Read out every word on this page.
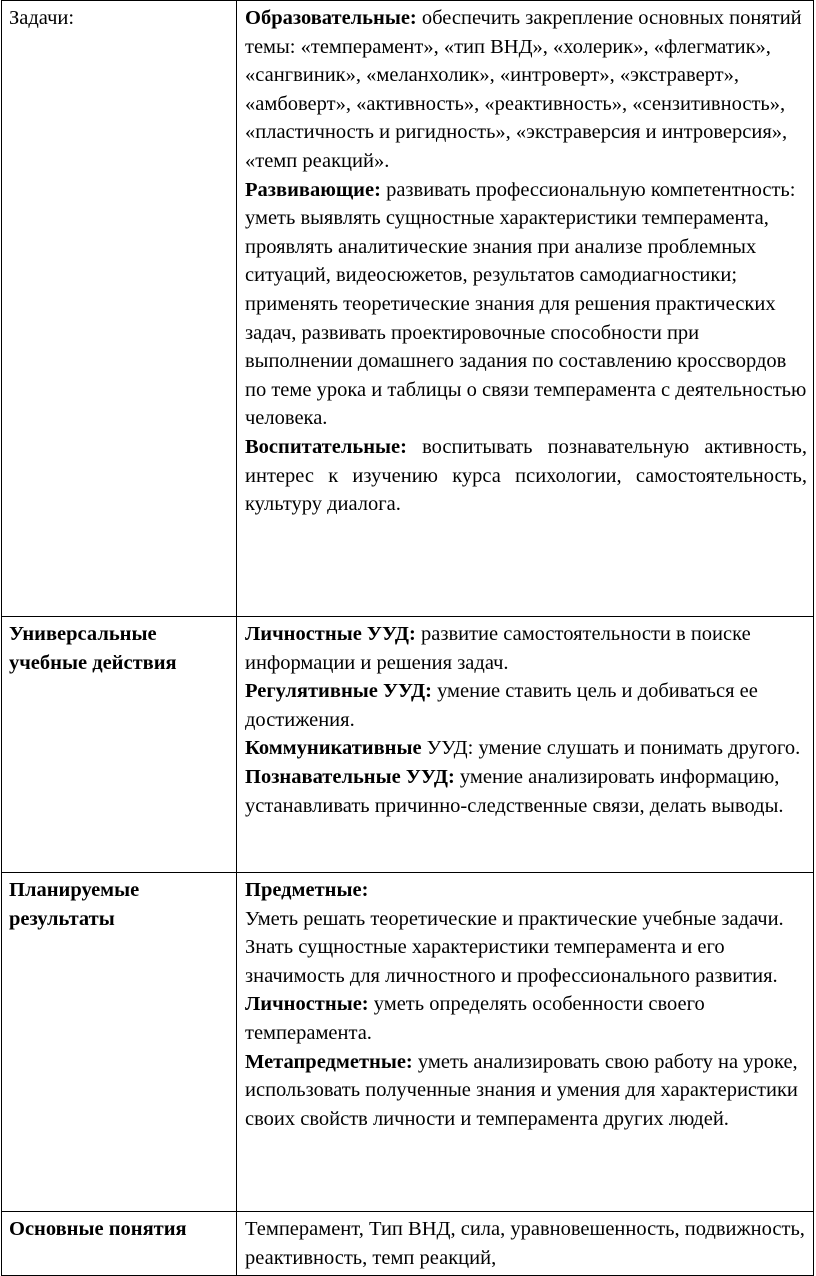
Задачи:	Образовательные: обеспечить закрепление основных понятий темы: «темперамент», «тип ВНД», «холерик», «флегматик», «сангвиник», «меланхолик», «интроверт», «экстраверт», «амбоверт», «активность», «реактивность», «сензитивность», «пластичность и ригидность», «экстраверсия и интроверсия», «темп реакций».

Развивающие: развивать профессиональную компетентность: уметь выявлять сущностные характеристики темперамента, проявлять аналитические знания при анализе проблемных ситуаций, видеосюжетов, результатов самодиагностики; применять теоретические знания для решения практических задач, развивать проектировочные способности при выполнении домашнего задания по составлению кроссвордов по теме урока и таблицы о связи темперамента с деятельностью человека.

Воспитательные: воспитывать познавательную активность, интерес к изучению курса психологии, самостоятельность, культуру диалога.

Универсальные учебные действия	Личностные УУД: развитие самостоятельности в поиске информации и решения задач.

Регулятивные УУД: умение ставить цель и добиваться ее достижения.

Коммуникативные УУД: умение слушать и понимать другого.

Познавательные УУД: умение анализировать информацию, устанавливать причинно-следственные связи, делать выводы.

Планируемые результаты	Предметные:

Уметь решать теоретические и практические учебные задачи.

Знать сущностные характеристики темперамента и его значимость для личностного и профессионального развития.

Личностные: уметь определять особенности своего темперамента.

Метапредметные: уметь анализировать свою работу на уроке, использовать полученные знания и умения для характеристики своих свойств личности и темперамента других людей.

Основные понятия	Темперамент, Тип ВНД, сила, уравновешенность, подвижность, реактивность, темп реакций,
